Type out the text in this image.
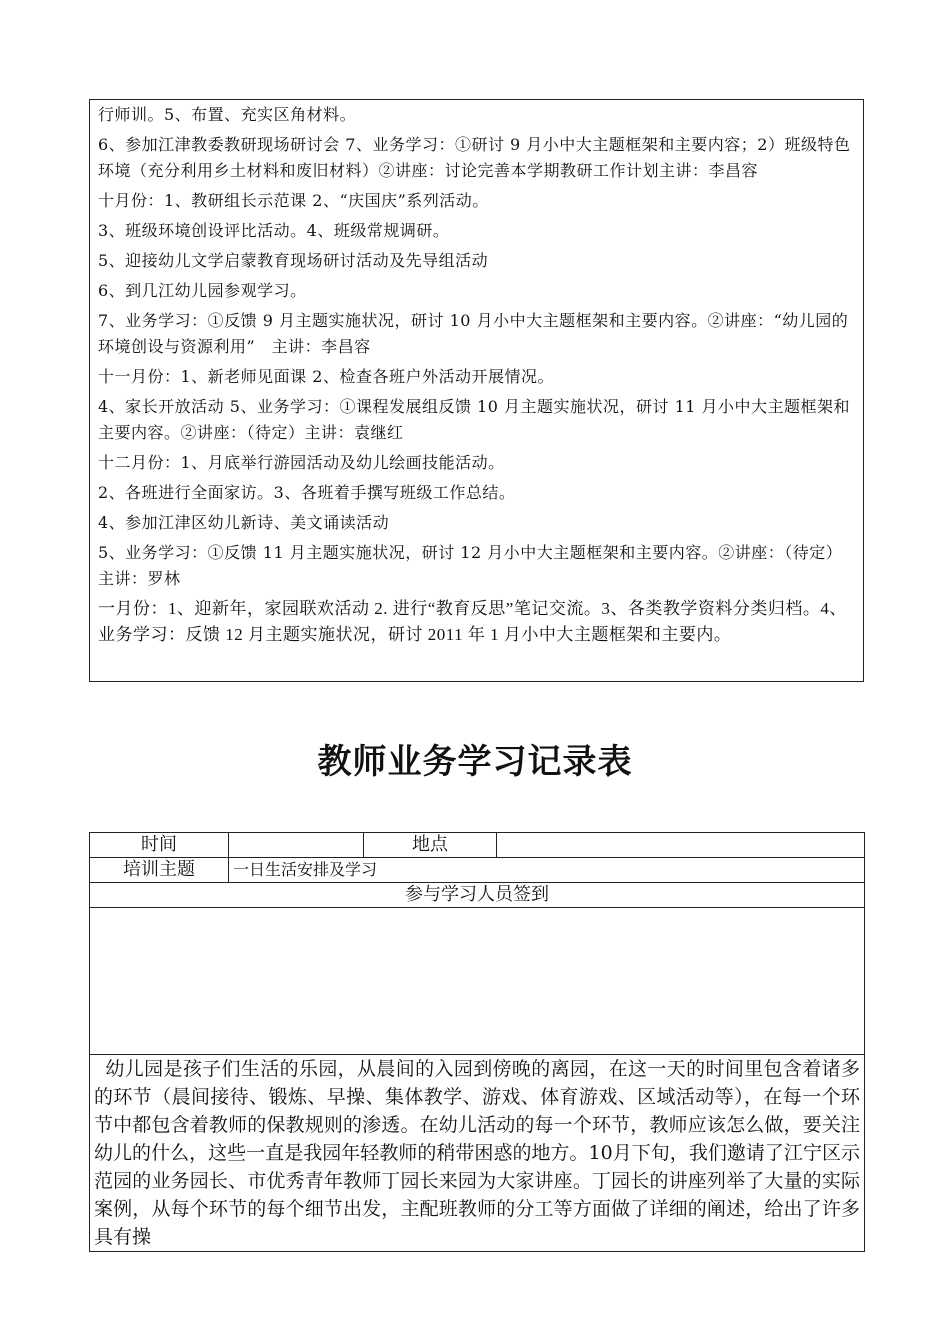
行师训。5、布置、充实区角材料。

6、参加江津教委教研现场研讨会 7、业务学习：①研讨 9 月小中大主题框架和主要内容；2）班级特色环境（充分利用乡土材料和废旧材料）②讲座：讨论完善本学期教研工作计划主讲：李昌容

十月份：1、教研组长示范课 2、“庆国庆”系列活动。

3、班级环境创设评比活动。4、班级常规调研。

5、迎接幼儿文学启蒙教育现场研讨活动及先导组活动

6、到几江幼儿园参观学习。

7、业务学习：①反馈 9 月主题实施状况，研讨 10 月小中大主题框架和主要内容。②讲座：“幼儿园的环境创设与资源利用”　主讲：李昌容

十一月份：1、新老师见面课 2、检查各班户外活动开展情况。

4、家长开放活动 5、业务学习：①课程发展组反馈 10 月主题实施状况，研讨 11 月小中大主题框架和主要内容。②讲座：（待定）主讲：袁继红

十二月份：1、月底举行游园活动及幼儿绘画技能活动。

2、各班进行全面家访。3、各班着手撰写班级工作总结。

4、参加江津区幼儿新诗、美文诵读活动

5、业务学习：①反馈 11 月主题实施状况，研讨 12 月小中大主题框架和主要内容。②讲座：（待定）主讲：罗林

一月份：1、迎新年，家园联欢活动 2. 进行“教育反思”笔记交流。3、各类教学资料分类归档。4、业务学习：反馈 12 月主题实施状况，研讨 2011 年 1 月小中大主题框架和主要内。

教师业务学习记录表
时间		地点	
培训主题	一日生活安排及学习		
参与学习人员签到			

幼儿园是孩子们生活的乐园，从晨间的入园到傍晚的离园，在这一天的时间里包含着诸多的环节（晨间接待、锻炼、早操、集体教学、游戏、体育游戏、区域活动等），在每一个环节中都包含着教师的保教规则的渗透。在幼儿活动的每一个环节，教师应该怎么做，要关注幼儿的什么，这些一直是我园年轻教师的稍带困惑的地方。10月下旬，我们邀请了江宁区示范园的业务园长、市优秀青年教师丁园长来园为大家讲座。丁园长的讲座列举了大量的实际案例，从每个环节的每个细节出发，主配班教师的分工等方面做了详细的阐述，给出了许多具有操			
